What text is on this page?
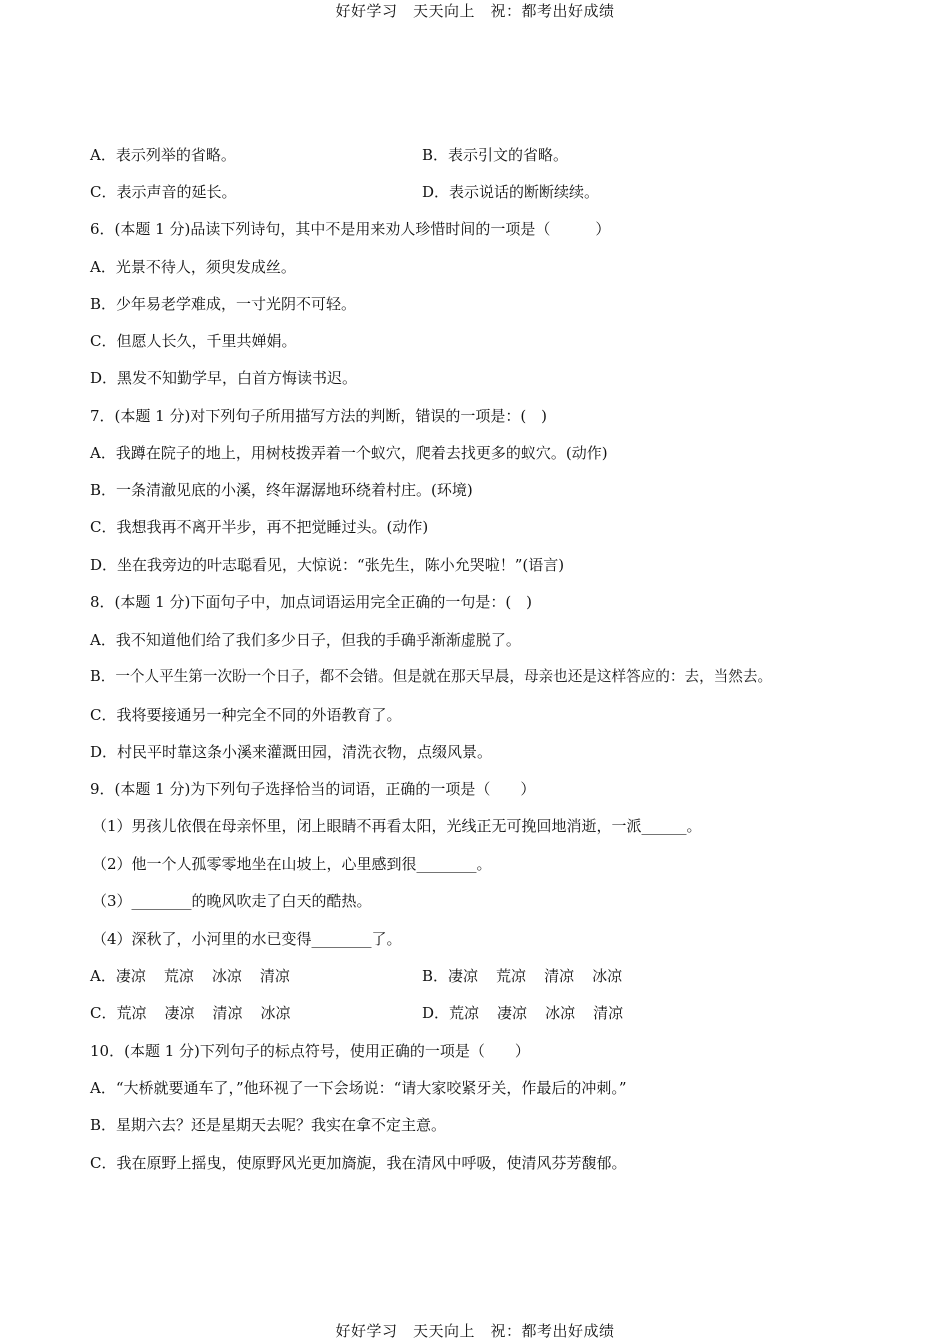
好好学习　天天向上　祝：都考出好成绩
A．表示列举的省略。	B．表示引文的省略。
C．表示声音的延长。	D．表示说话的断断续续。
6．(本题 1 分)品读下列诗句，其中不是用来劝人珍惜时间的一项是（　　　）
A．光景不待人，须臾发成丝。
B．少年易老学难成，一寸光阴不可轻。
C．但愿人长久，千里共婵娟。
D．黑发不知勤学早，白首方悔读书迟。
7．(本题 1 分)对下列句子所用描写方法的判断，错误的一项是：(　)
A．我蹲在院子的地上，用树枝拨弄着一个蚁穴，爬着去找更多的蚁穴。(动作)
B．一条清澈见底的小溪，终年潺潺地环绕着村庄。(环境)
C．我想我再不离开半步，再不把觉睡过头。(动作)
D．坐在我旁边的叶志聪看见，大惊说：“张先生，陈小允哭啦！”(语言)
8．(本题 1 分)下面句子中，加点词语运用完全正确的一句是：(　)
A．我不知道他们给了我们多少日子，但我的手确乎渐渐虚脱了。
B．一个人平生第一次盼一个日子，都不会错。但是就在那天早晨，母亲也还是这样答应的：去，当然去。
C．我将要接通另一种完全不同的外语教育了。
D．村民平时靠这条小溪来灌溉田园，清洗衣物，点缀风景。
9．(本题 1 分)为下列句子选择恰当的词语，正确的一项是（　　）
（1）男孩儿依偎在母亲怀里，闭上眼睛不再看太阳，光线正无可挽回地消逝，一派______。
（2）他一个人孤零零地坐在山坡上，心里感到很________。
（3）________的晚风吹走了白天的酷热。
（4）深秋了，小河里的水已变得________了。
A．凄凉 荒凉 冰凉 清凉	B．凄凉 荒凉 清凉 冰凉
C．荒凉 凄凉 清凉 冰凉	D．荒凉 凄凉 冰凉 清凉
10．(本题 1 分)下列句子的标点符号，使用正确的一项是（　　）
A．“大桥就要通车了，”他环视了一下会场说：“请大家咬紧牙关，作最后的冲刺。”
B．星期六去？还是星期天去呢？我实在拿不定主意。
C．我在原野上摇曳，使原野风光更加旖旎，我在清风中呼吸，使清风芬芳馥郁。
好好学习　天天向上　祝：都考出好成绩
